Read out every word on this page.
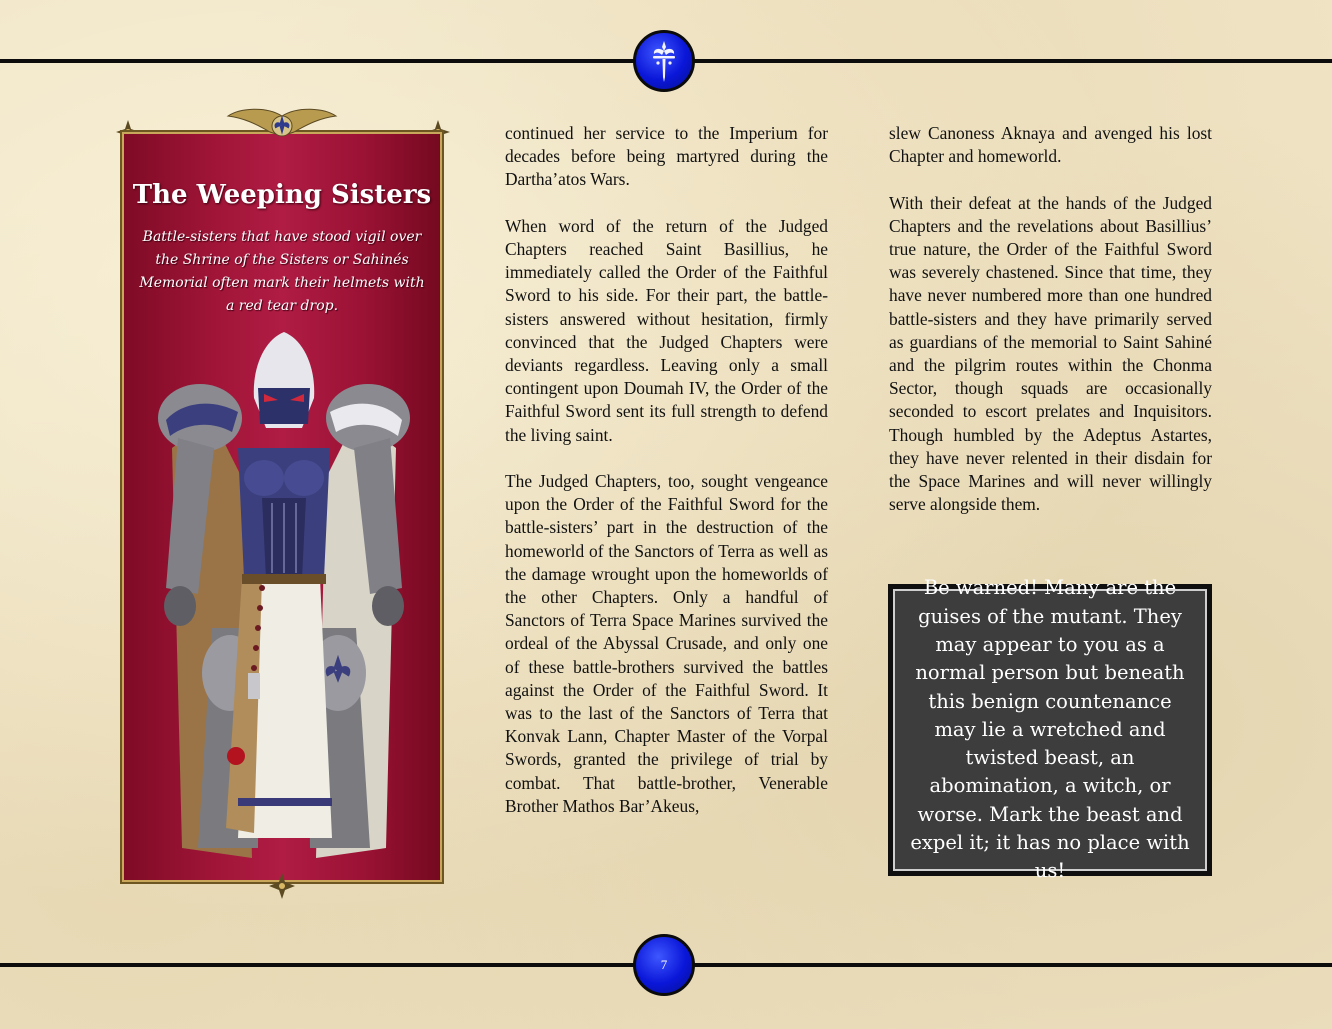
The Weeping Sisters
Battle-sisters that have stood vigil over the Shrine of the Sisters or Sahinés Memorial often mark their helmets with a red tear drop.

continued her service to the Imperium for decades before being martyred during the Dartha’atos Wars.

When word of the return of the Judged Chapters reached Saint Basillius, he immediately called the Order of the Faithful Sword to his side. For their part, the battle-sisters answered without hesitation, firmly convinced that the Judged Chapters were deviants regardless. Leaving only a small contingent upon Doumah IV, the Order of the Faithful Sword sent its full strength to defend the living saint.

The Judged Chapters, too, sought vengeance upon the Order of the Faithful Sword for the battle-sisters’ part in the destruction of the homeworld of the Sanctors of Terra as well as the damage wrought upon the homeworlds of the other Chapters. Only a handful of Sanctors of Terra Space Marines survived the ordeal of the Abyssal Crusade, and only one of these battle-brothers survived the battles against the Order of the Faithful Sword. It was to the last of the Sanctors of Terra that Konvak Lann, Chapter Master of the Vorpal Swords, granted the privilege of trial by combat. That battle-brother, Venerable Brother Mathos Bar’Akeus,

slew Canoness Aknaya and avenged his lost Chapter and homeworld.

With their defeat at the hands of the Judged Chapters and the revelations about Basillius’ true nature, the Order of the Faithful Sword was severely chastened. Since that time, they have never numbered more than one hundred battle-sisters and they have primarily served as guardians of the memorial to Saint Sahiné and the pilgrim routes within the Chonma Sector, though squads are occasionally seconded to escort prelates and Inquisitors. Though humbled by the Adeptus Astartes, they have never relented in their disdain for the Space Marines and will never willingly serve alongside them.

Be warned! Many are the guises of the mutant. They may appear to you as a normal person but beneath this benign countenance may lie a wretched and twisted beast, an abomination, a witch, or worse. Mark the beast and expel it; it has no place with us!
7
